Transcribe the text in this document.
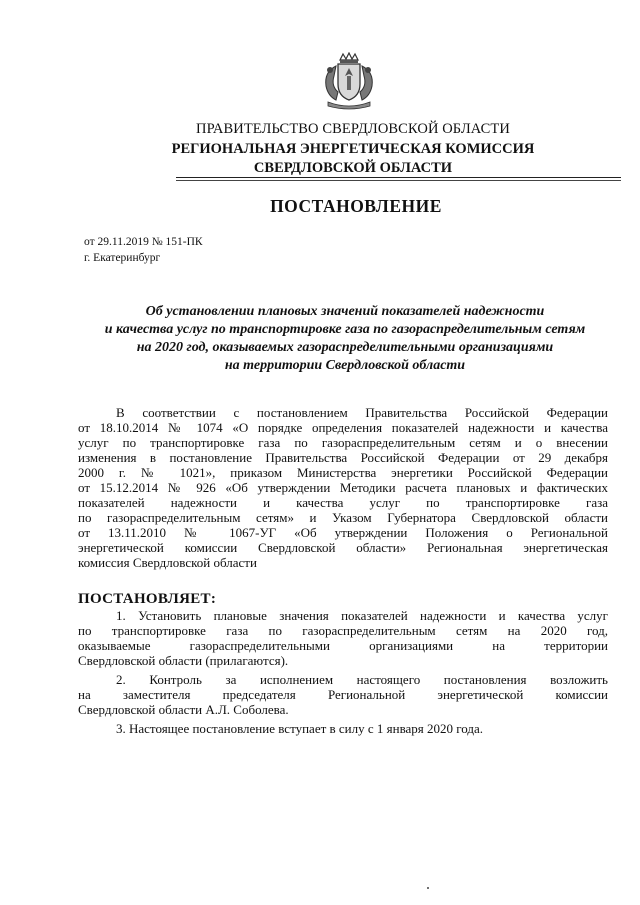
ПРАВИТЕЛЬСТВО СВЕРДЛОВСКОЙ ОБЛАСТИ
РЕГИОНАЛЬНАЯ ЭНЕРГЕТИЧЕСКАЯ КОМИССИЯ
СВЕРДЛОВСКОЙ ОБЛАСТИ
ПОСТАНОВЛЕНИЕ
от 29.11.2019 № 151-ПК
г. Екатеринбург
Об установлении плановых значений показателей надежности
и качества услуг по транспортировке газа по газораспределительным сетям
на 2020 год, оказываемых газораспределительными организациями
на территории Свердловской области
В соответствии с постановлением Правительства Российской Федерации
от 18.10.2014 № 1074 «О порядке определения показателей надежности и качества
услуг по транспортировке газа по газораспределительным сетям и о внесении
изменения в постановление Правительства Российской Федерации от 29 декабря
2000 г. № 1021», приказом Министерства энергетики Российской Федерации
от 15.12.2014 № 926 «Об утверждении Методики расчета плановых и фактических
показателей надежности и качества услуг по транспортировке газа
по газораспределительным сетям» и Указом Губернатора Свердловской области
от 13.11.2010 № 1067-УГ «Об утверждении Положения о Региональной
энергетической комиссии Свердловской области» Региональная энергетическая
комиссия Свердловской области
ПОСТАНОВЛЯЕТ:
1. Установить плановые значения показателей надежности и качества услуг
по транспортировке газа по газораспределительным сетям на 2020 год,
оказываемые газораспределительными организациями на территории
Свердловской области (прилагаются).
2. Контроль за исполнением настоящего постановления возложить
на заместителя председателя Региональной энергетической комиссии
Свердловской области А.Л. Соболева.
3. Настоящее постановление вступает в силу с 1 января 2020 года.
